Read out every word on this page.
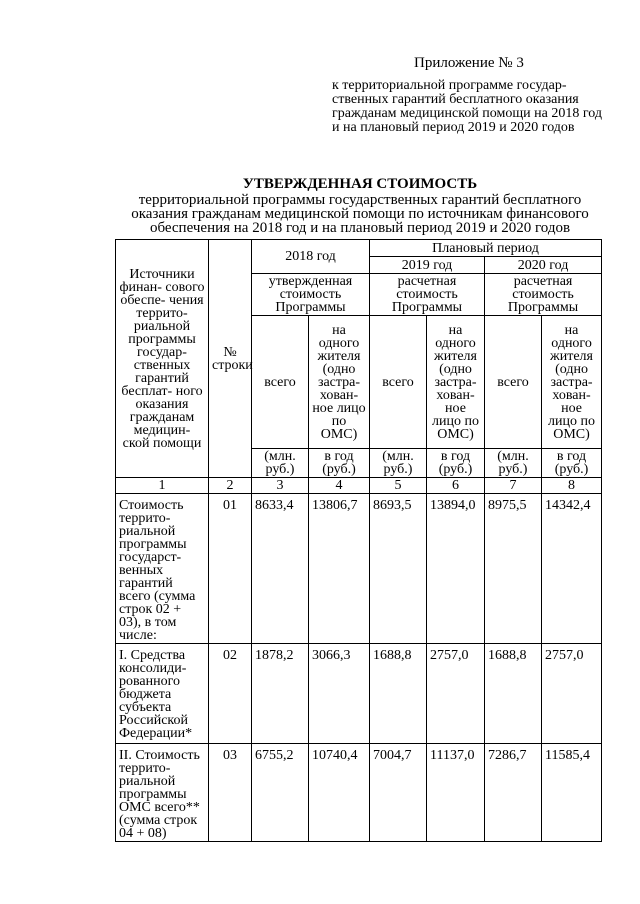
Приложение № 3
к территориальной программе государ-
ственных гарантий бесплатного оказания
гражданам медицинской помощи на 2018 год
и на плановый период 2019 и 2020 годов
УТВЕРЖДЕННАЯ СТОИМОСТЬ
территориальной программы государственных гарантий бесплатного
оказания гражданам медицинской помощи по источникам финансового
обеспечения на 2018 год и на плановый период 2019 и 2020 годов
Источники финан- сового обеспе- чения террито- риальной программы государ- ственных гарантий бесплат- ного оказания гражданам медицин- ской помощи	№ строки	2018 год		Плановый период			
				2019 год		2020 год	
		утвержденная стоимость Программы		расчетная стоимость Программы		расчетная стоимость Программы	
		всего	на одного жителя (одно застра- хован- ное лицо по ОМС)	всего	на одного жителя (одно застра- хован- ное лицо по ОМС)	всего	на одного жителя (одно застра- хован- ное лицо по ОМС)
		(млн. руб.)	в год (руб.)	(млн. руб.)	в год (руб.)	(млн. руб.)	в год (руб.)
1	2	3	4	5	6	7	8
Стоимость террито- риальной программы государст- венных гарантий всего (сумма строк 02 + 03), в том числе:	01	8633,4	13806,7	8693,5	13894,0	8975,5	14342,4
I. Средства консолиди- рованного бюджета субъекта Российской Федерации*	02	1878,2	3066,3	1688,8	2757,0	1688,8	2757,0
II. Стоимость террито- риальной программы ОМС всего** (сумма строк 04 + 08)	03	6755,2	10740,4	7004,7	11137,0	7286,7	11585,4
